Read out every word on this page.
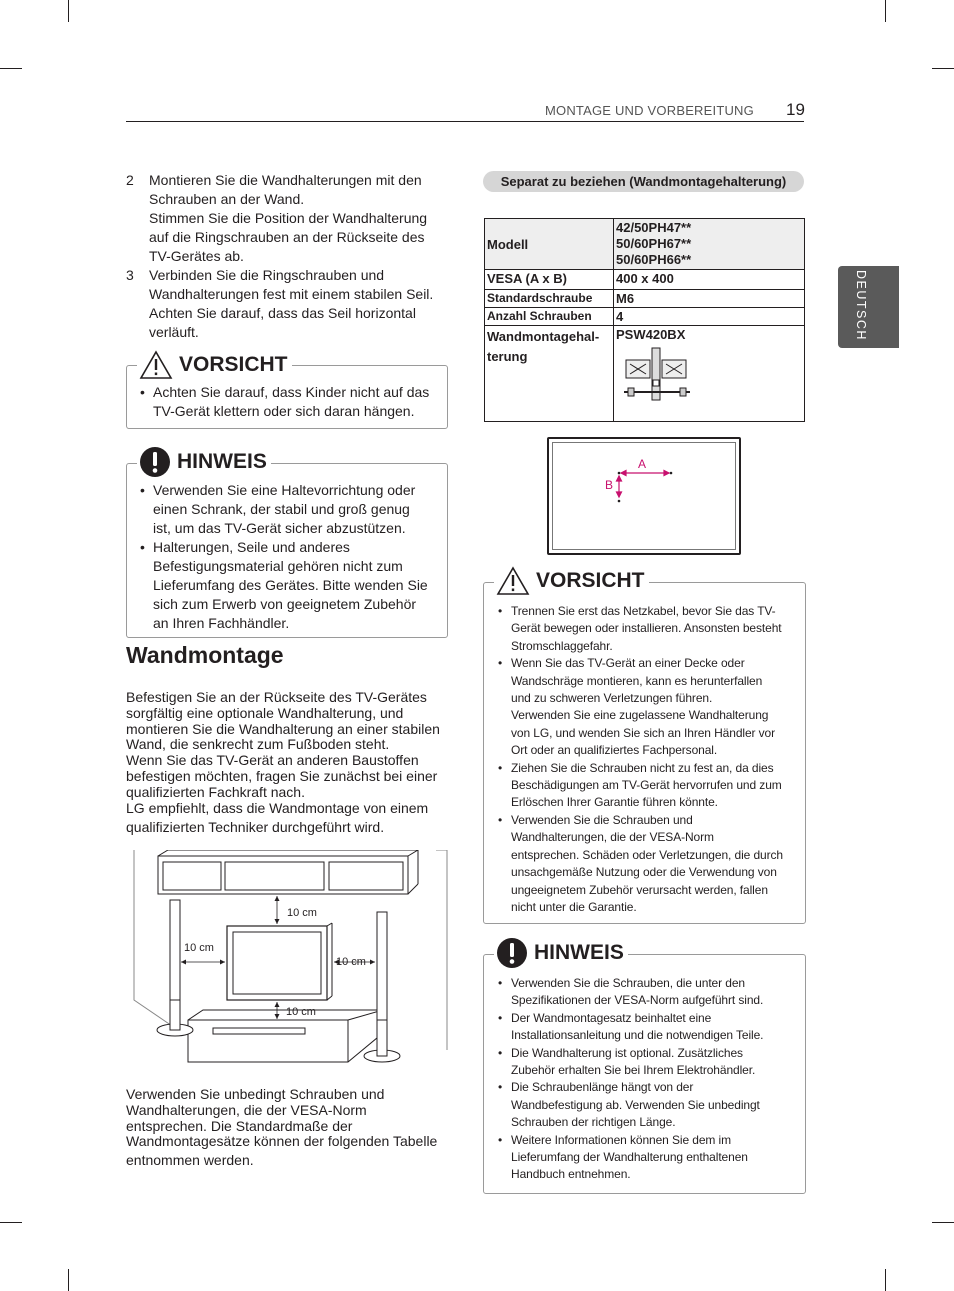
MONTAGE UND VORBEREITUNG 19
DEUTSCH
2 Montieren Sie die Wandhalterungen mit den
Schrauben an der Wand.
Stimmen Sie die Position der Wandhalterung
auf die Ringschrauben an der Rückseite des
TV-Gerätes ab.
3 Verbinden Sie die Ringschrauben und
Wandhalterungen fest mit einem stabilen Seil.
Achten Sie darauf, dass das Seil horizontal
verläuft.
• Achten Sie darauf, dass Kinder nicht auf das
TV-Gerät klettern oder sich daran hängen.
VORSICHT
• Verwenden Sie eine Haltevorrichtung oder
einen Schrank, der stabil und groß genug
ist, um das TV-Gerät sicher abzustützen.
• Halterungen, Seile und anderes
Befestigungsmaterial gehören nicht zum
Lieferumfang des Gerätes. Bitte wenden Sie
sich zum Erwerb von geeignetem Zubehör
an Ihren Fachhändler.
HINWEIS
Wandmontage
Befestigen Sie an der Rückseite des TV-Gerätes
sorgfältig eine optionale Wandhalterung, und
montieren Sie die Wandhalterung an einer stabilen
Wand, die senkrecht zum Fußboden steht.
Wenn Sie das TV-Gerät an anderen Baustoffen
befestigen möchten, fragen Sie zunächst bei einer
qualifizierten Fachkraft nach.
LG empfiehlt, dass die Wandmontage von einem
qualifizierten Techniker durchgeführt wird.
10 cm
10 cm
10 cm
10 cm
Verwenden Sie unbedingt Schrauben und
Wandhalterungen, die der VESA-Norm
entsprechen. Die Standardmaße der
Wandmontagesätze können der folgenden Tabelle
entnommen werden.
Separat zu beziehen (Wandmontagehalterung)
Modell	42/50PH47**
50/60PH67**
50/60PH66**

VESA (A x B)	400 x 400
Standardschraube	M6
Anzahl Schrauben	4

Wandmontagehal-
terung	PSW420BX
A
B
• Trennen Sie erst das Netzkabel, bevor Sie das TV-
Gerät bewegen oder installieren. Ansonsten besteht
Stromschlaggefahr.
• Wenn Sie das TV-Gerät an einer Decke oder
Wandschräge montieren, kann es herunterfallen
und zu schweren Verletzungen führen.
Verwenden Sie eine zugelassene Wandhalterung
von LG, und wenden Sie sich an Ihren Händler vor
Ort oder an qualifiziertes Fachpersonal.
• Ziehen Sie die Schrauben nicht zu fest an, da dies
Beschädigungen am TV-Gerät hervorrufen und zum
Erlöschen Ihrer Garantie führen könnte.
• Verwenden Sie die Schrauben und
Wandhalterungen, die der VESA-Norm
entsprechen. Schäden oder Verletzungen, die durch
unsachgemäße Nutzung oder die Verwendung von
ungeeignetem Zubehör verursacht werden, fallen
nicht unter die Garantie.
VORSICHT
• Verwenden Sie die Schrauben, die unter den
Spezifikationen der VESA-Norm aufgeführt sind.
• Der Wandmontagesatz beinhaltet eine
Installationsanleitung und die notwendigen Teile.
• Die Wandhalterung ist optional. Zusätzliches
Zubehör erhalten Sie bei Ihrem Elektrohändler.
• Die Schraubenlänge hängt von der
Wandbefestigung ab. Verwenden Sie unbedingt
Schrauben der richtigen Länge.
• Weitere Informationen können Sie dem im
Lieferumfang der Wandhalterung enthaltenen
Handbuch entnehmen.
HINWEIS
